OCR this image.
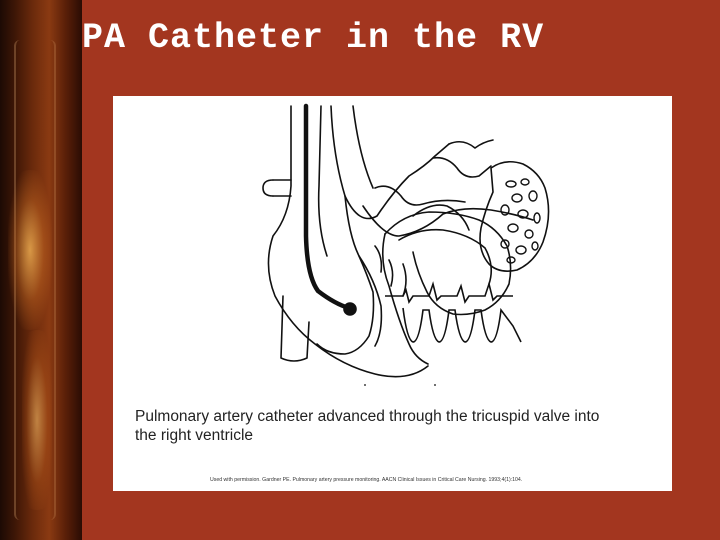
PA Catheter in the RV

Pulmonary artery catheter advanced through the tricuspid valve into the right ventricle

Used with permission. Gardner PE. Pulmonary artery pressure monitoring. AACN Clinical Issues in Critical Care Nursing. 1993;4(1):104.
